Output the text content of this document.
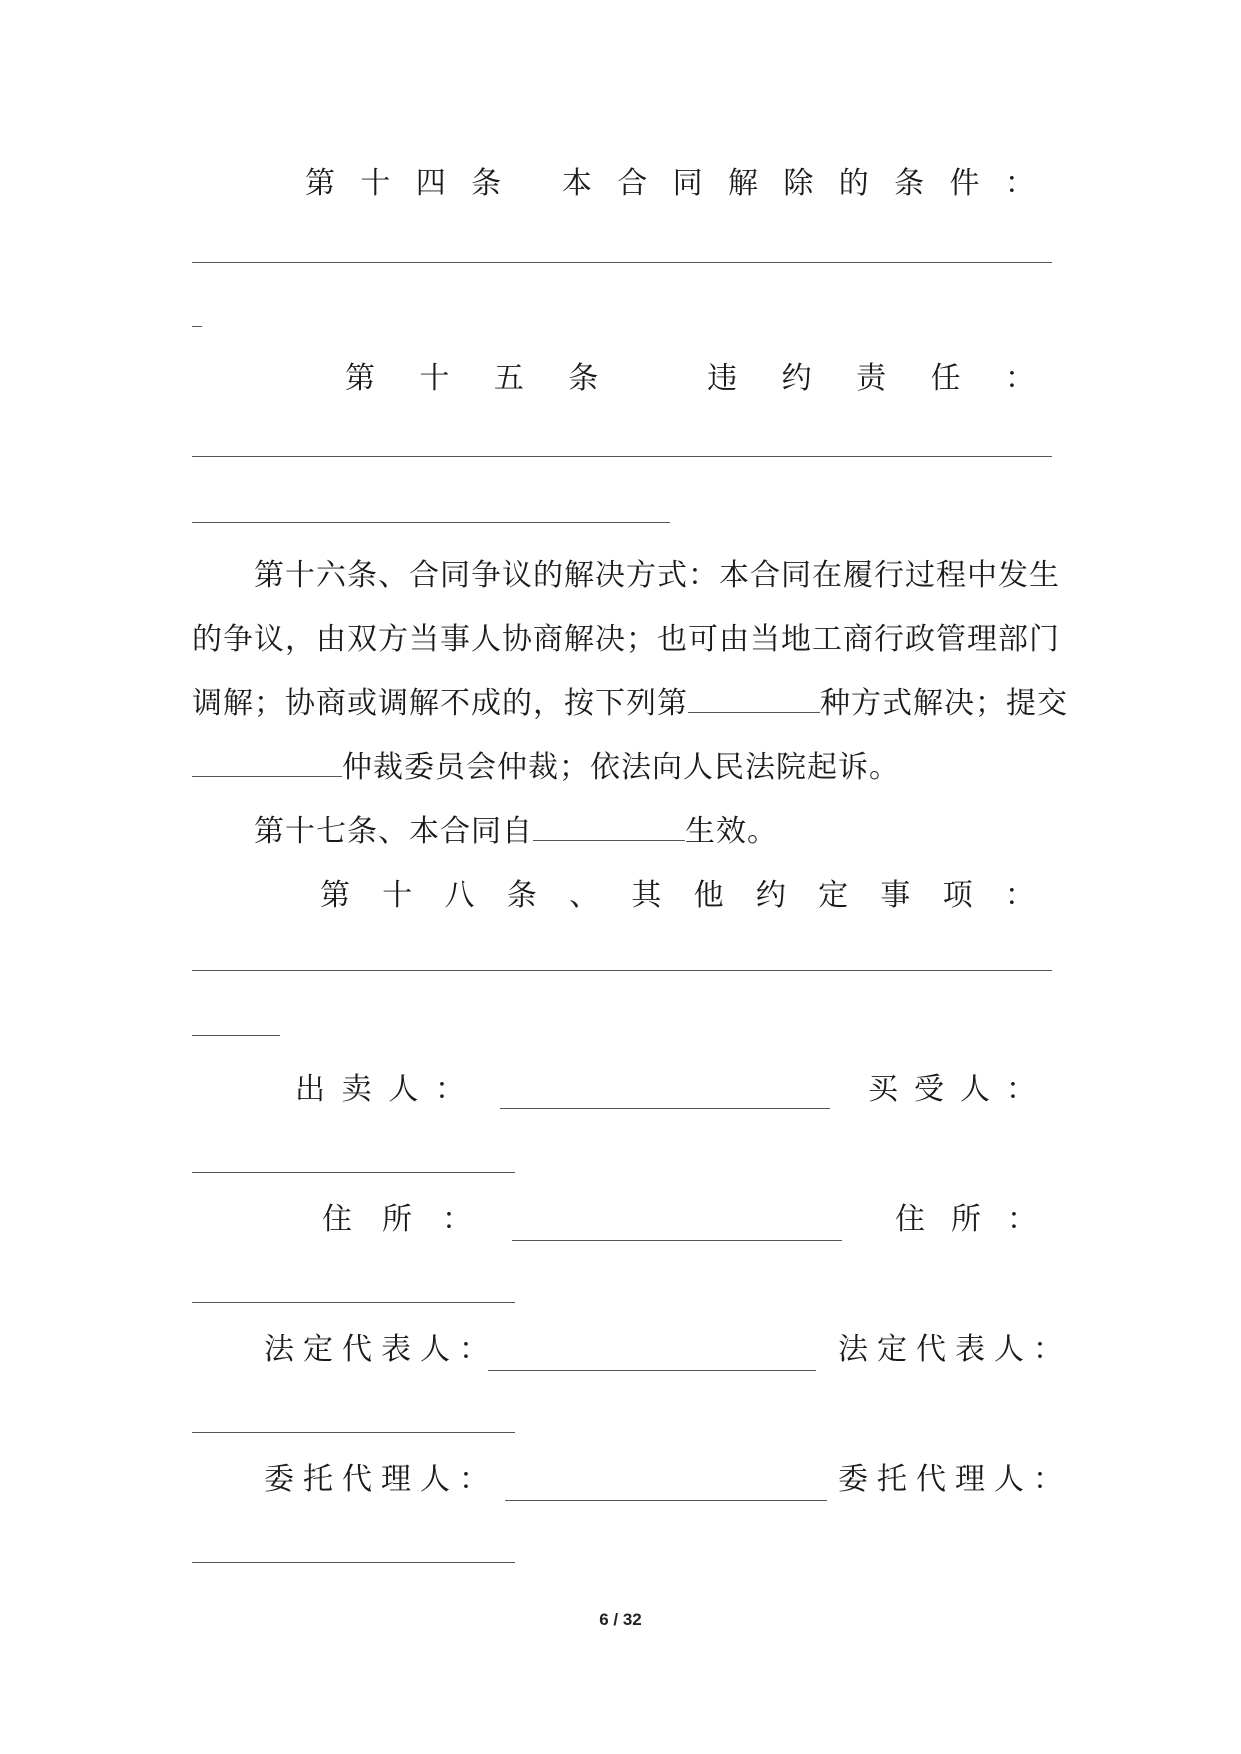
第 十 四 条 本 合 同 解 除 的 条 件 ：
第 十 五 条	违 约 责 任 ：
第十六条、合同争议的解决方式：本合同在履行过程中发生
的争议，由双方当事人协商解决；也可由当地工商行政管理部门
调解；协商或调解不成的，按下列第	种方式解决；提交
仲裁委员会仲裁；依法向人民法院起诉。
第十七条、本合同自	生效。
第 十 八 条 、 其 他 约 定 事 项 ：
出 卖 人 ：	买 受 人 ：
住 所 ：	住 所 ：
法定代表人：	法定代表人：
委托代理人：	委托代理人：
6 / 32
